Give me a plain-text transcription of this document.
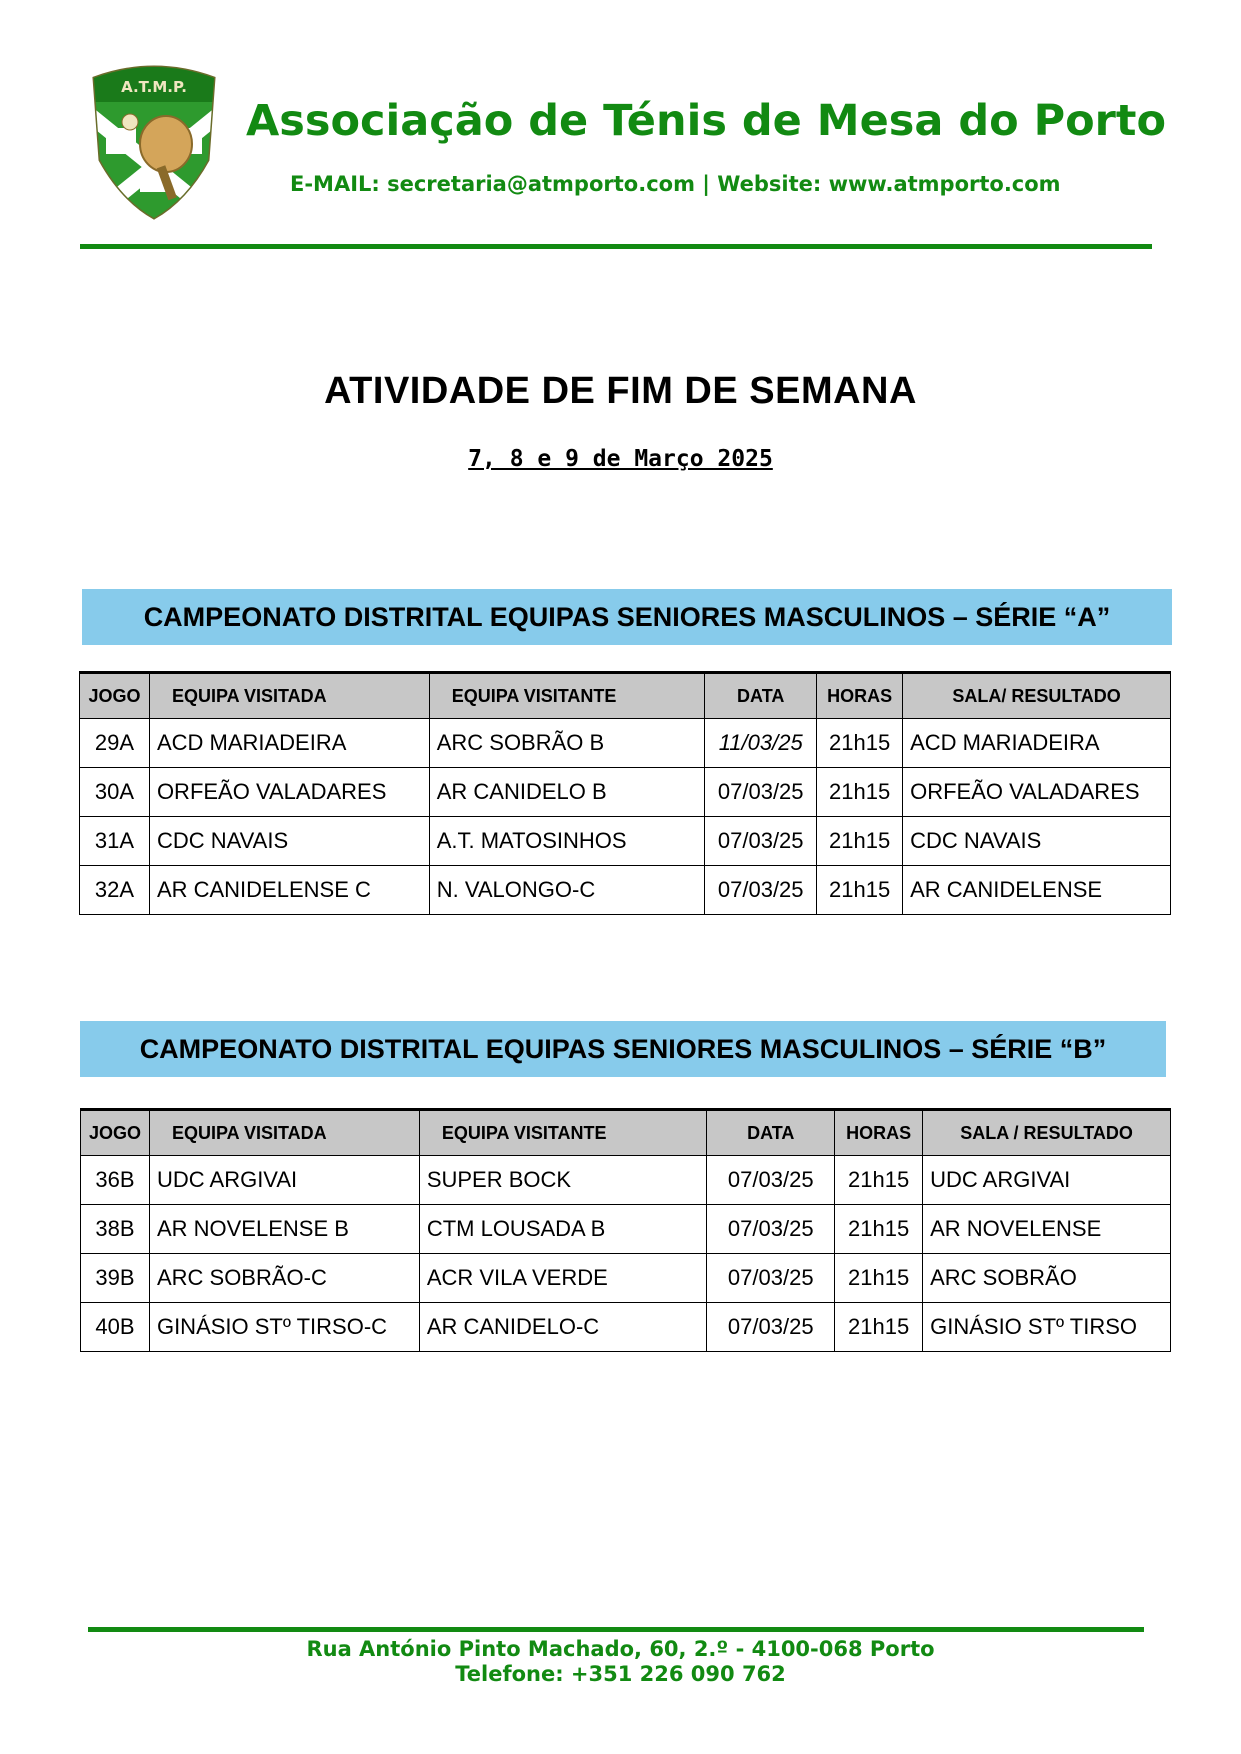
A.T.M.P.
Associação de Ténis de Mesa do Porto
E-MAIL: secretaria@atmporto.com | Website: www.atmporto.com
ATIVIDADE DE FIM DE SEMANA
7, 8 e 9 de Março 2025
CAMPEONATO DISTRITAL EQUIPAS SENIORES MASCULINOS – SÉRIE “A”
JOGO	EQUIPA VISITADA	EQUIPA VISITANTE	DATA	HORAS	SALA/ RESULTADO
29A	ACD MARIADEIRA	ARC SOBRÃO B	11/03/25	21h15	ACD MARIADEIRA
30A	ORFEÃO VALADARES	AR CANIDELO B	07/03/25	21h15	ORFEÃO VALADARES
31A	CDC NAVAIS	A.T. MATOSINHOS	07/03/25	21h15	CDC NAVAIS
32A	AR CANIDELENSE C	N. VALONGO-C	07/03/25	21h15	AR CANIDELENSE
CAMPEONATO DISTRITAL EQUIPAS SENIORES MASCULINOS – SÉRIE “B”
JOGO	EQUIPA VISITADA	EQUIPA VISITANTE	DATA	HORAS	SALA / RESULTADO
36B	UDC ARGIVAI	SUPER BOCK	07/03/25	21h15	UDC ARGIVAI
38B	AR NOVELENSE B	CTM LOUSADA B	07/03/25	21h15	AR NOVELENSE
39B	ARC SOBRÃO-C	ACR VILA VERDE	07/03/25	21h15	ARC SOBRÃO
40B	GINÁSIO STº TIRSO-C	AR CANIDELO-C	07/03/25	21h15	GINÁSIO STº TIRSO
Rua António Pinto Machado, 60, 2.º - 4100-068 Porto
Telefone: +351 226 090 762
